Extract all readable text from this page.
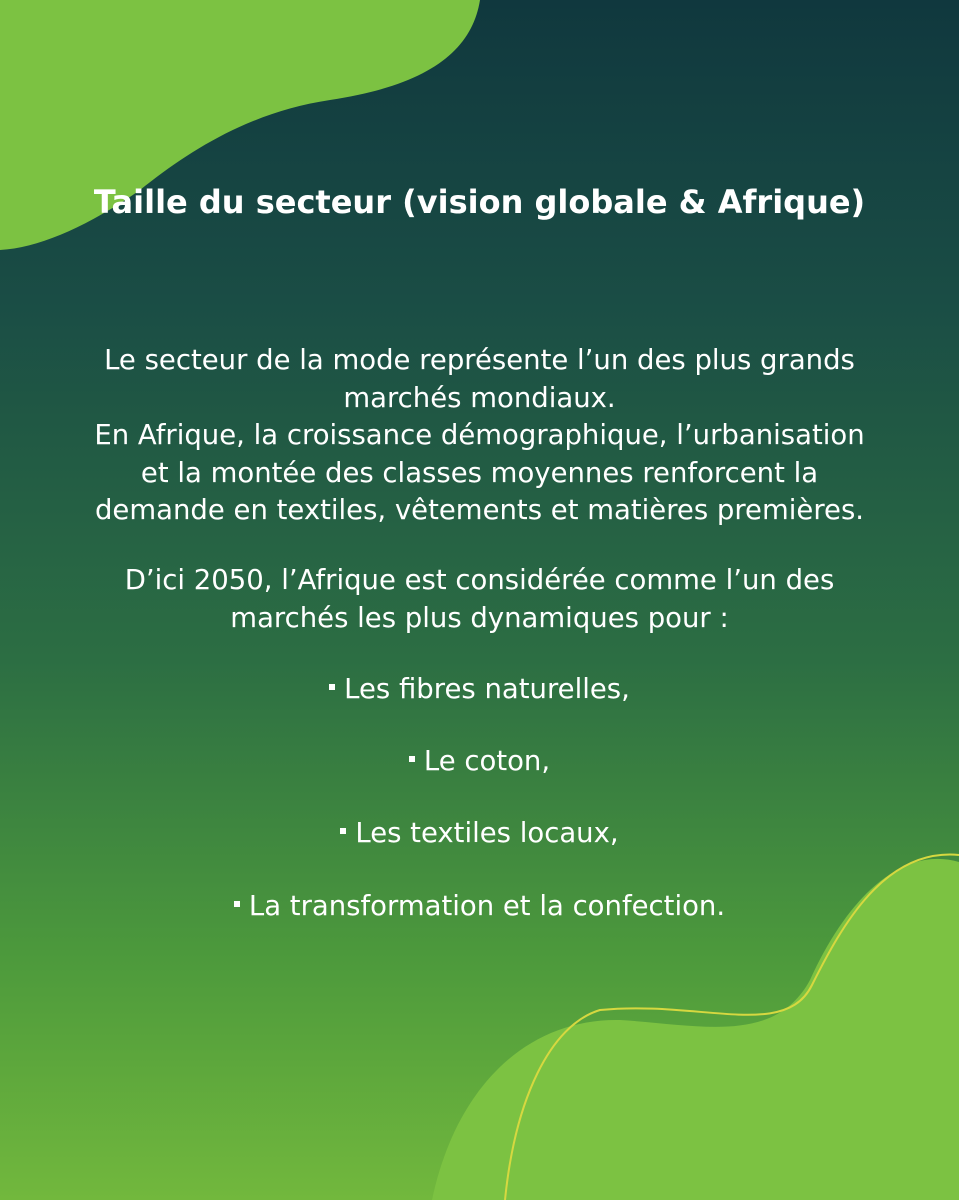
Taille du secteur (vision globale & Afrique)

Le secteur de la mode représente l’un des plus grands
marchés mondiaux.
En Afrique, la croissance démographique, l’urbanisation
et la montée des classes moyennes renforcent la
demande en textiles, vêtements et matières premières.

D’ici 2050, l’Afrique est considérée comme l’un des
marchés les plus dynamiques pour :

Les fibres naturelles,

Le coton,

Les textiles locaux,

La transformation et la confection.
